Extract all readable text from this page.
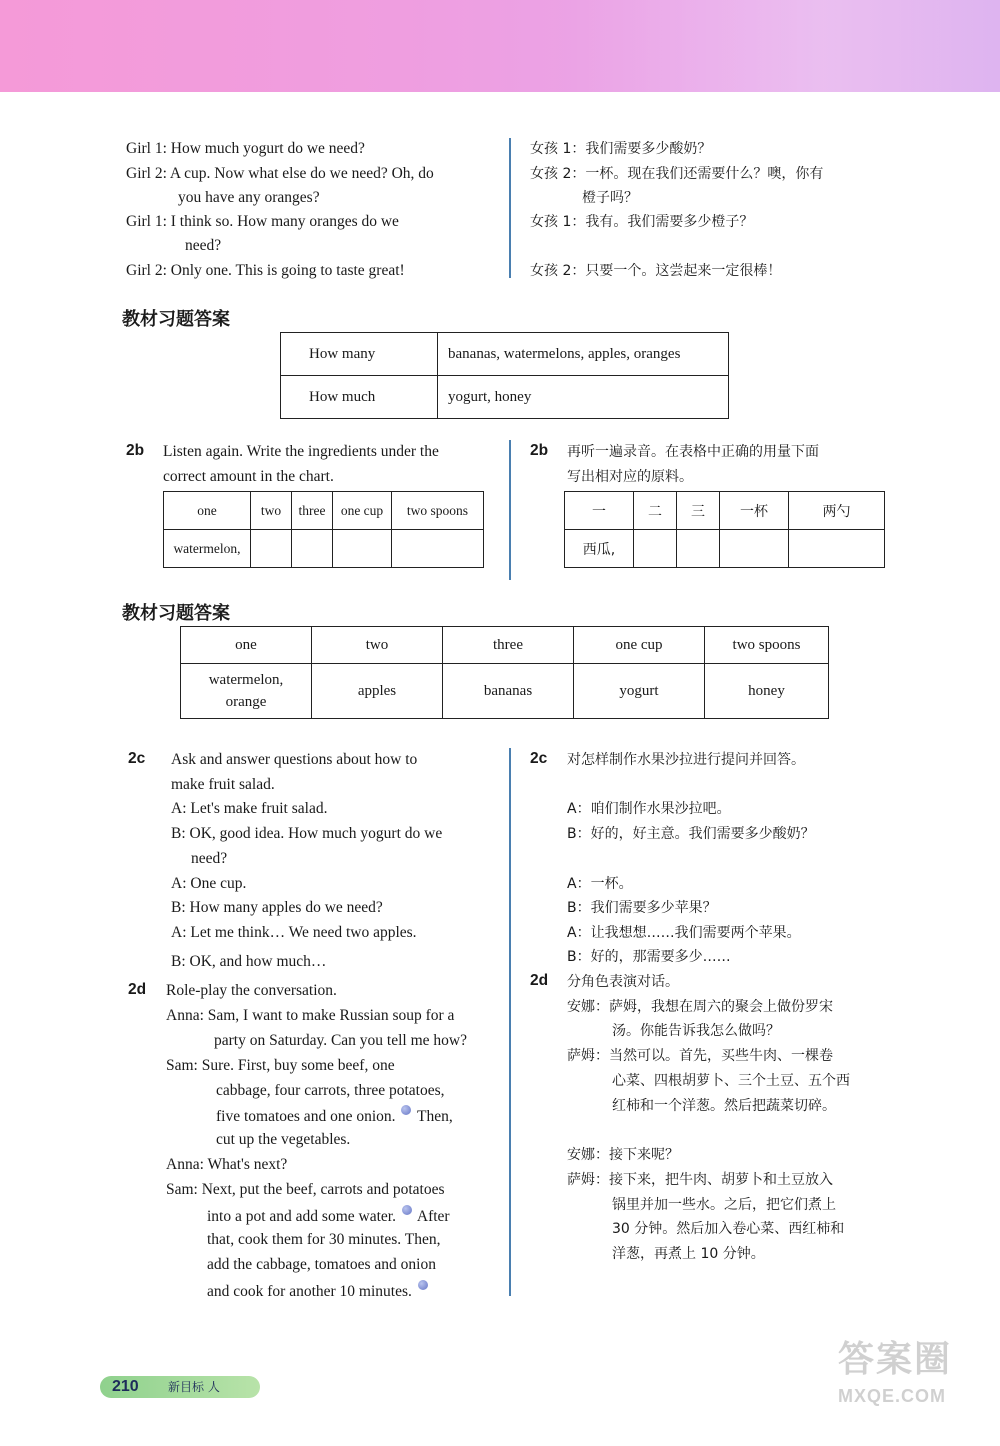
Girl 1: How much yogurt do we need?
Girl 2: A cup. Now what else do we need? Oh, do
you have any oranges?
Girl 1: I think so. How many oranges do we
need?
Girl 2: Only one. This is going to taste great!
女孩 1：我们需要多少酸奶？
女孩 2：一杯。现在我们还需要什么？噢，你有
橙子吗？
女孩 1：我有。我们需要多少橙子？
女孩 2：只要一个。这尝起来一定很棒！
教材习题答案
How many	bananas, watermelons, apples, oranges
How much	yogurt, honey
2b Listen again. Write the ingredients under the
correct amount in the chart.
one	two	three	one cup	two spoons
watermelon,				
2b 再听一遍录音。在表格中正确的用量下面
写出相对应的原料。
一	二	三	一杯	两勺
西瓜,				
教材习题答案
one	two	three	one cup	two spoons
watermelon,
orange	apples	bananas	yogurt	honey
2c Ask and answer questions about how to
make fruit salad.
A: Let's make fruit salad.
B: OK, good idea. How much yogurt do we
need?
A: One cup.
B: How many apples do we need?
A: Let me think… We need two apples.
B: OK, and how much…
2c 对怎样制作水果沙拉进行提问并回答。
A：咱们制作水果沙拉吧。
B：好的，好主意。我们需要多少酸奶？
A：一杯。
B：我们需要多少苹果？
A：让我想想……我们需要两个苹果。
B：好的，那需要多少……
2d Role-play the conversation.
Anna: Sam, I want to make Russian soup for a
party on Saturday. Can you tell me how?
Sam: Sure. First, buy some beef, one
cabbage, four carrots, three potatoes,
five tomatoes and one onion. Then,
cut up the vegetables.
Anna: What's next?
Sam: Next, put the beef, carrots and potatoes
into a pot and add some water. After
that, cook them for 30 minutes. Then,
add the cabbage, tomatoes and onion
and cook for another 10 minutes.
2d 分角色表演对话。
安娜：萨姆，我想在周六的聚会上做份罗宋
汤。你能告诉我怎么做吗？
萨姆：当然可以。首先，买些牛肉、一棵卷
心菜、四根胡萝卜、三个土豆、五个西
红柿和一个洋葱。然后把蔬菜切碎。
安娜：接下来呢？
萨姆：接下来，把牛肉、胡萝卜和土豆放入
锅里并加一些水。之后，把它们煮上
30 分钟。然后加入卷心菜、西红柿和
洋葱，再煮上 10 分钟。
210 新目标 人
答案圈
MXQE.COM
